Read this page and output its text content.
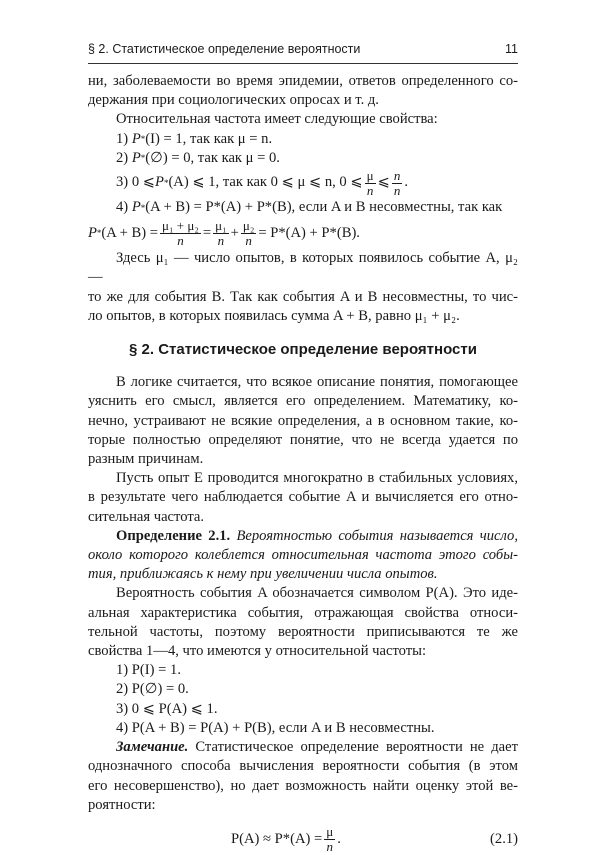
§ 2. Статистическое определение вероятности	11

ни, заболеваемости во время эпидемии, ответов определенного со-

держания при социологических опросах и т. д.

Относительная частота имеет следующие свойства:

1)
P * (I) = 1, так как μ = n.
2)
P * (∅) = 0, так как μ = 0.
3)
0 ⩽ P * (A) ⩽ 1, так как 0 ⩽ μ ⩽ n, 0 ⩽ $\frac{\mu}{n}$ ⩽ $\frac{n}{n}$ .
4)
P * (A + B) = P*(A) + P*(B), если A и B несовместны, так как
$P * (A + B) = \frac{\text{μ₁ + μ₂}}{n} = \frac{\text{μ₁}}{n} + \frac{\text{μ₂}}{n} = P*(A) + P*(B)$.

Здесь μ₁ — число опытов, в которых появилось событие A, μ₂ —

то же для события B. Так как события A и B несовместны, то чис-

ло опытов, в которых появилась сумма A + B, равно μ₁ + μ₂.

§ 2. Статистическое определение вероятности

В логике считается, что всякое описание понятия, помогающее

уяснить его смысл, является его определением. Математику, ко-

нечно, устраивают не всякие определения, а в основном такие, ко-

торые полностью определяют понятие, что не всегда удается по

разным причинам.

Пусть опыт E проводится многократно в стабильных условиях,

в результате чего наблюдается событие A и вычисляется его отно-

сительная частота.

Определение 2.1. Вероятностью события называется число,

около которого колеблется относительная частота этого собы-

тия, приближаясь к нему при увеличении числа опытов.

Вероятность события A обозначается символом P(A). Это иде-

альная характеристика события, отражающая свойства относи-

тельной частоты, поэтому вероятности приписываются те же

свойства 1—4, что имеются у относительной частоты:

1) P(I) = 1.

2) P(∅) = 0.

3) 0 ⩽ P(A) ⩽ 1.

4) P(A + B) = P(A) + P(B), если A и B несовместны.

Замечание. Статистическое определение вероятности не дает

однозначного способа вычисления вероятности события (в этом

его несовершенство), но дает возможность найти оценку этой ве-

роятности:

$P(A) \approx P*(A) = \frac{\mu}{n}$ .	(2.1)
